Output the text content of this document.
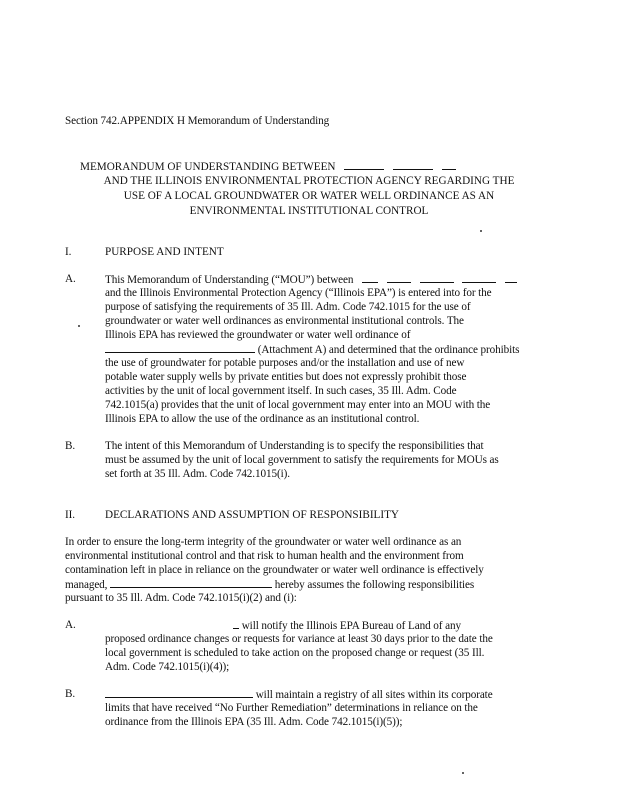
Section 742.APPENDIX H Memorandum of Understanding
MEMORANDUM OF UNDERSTANDING BETWEEN
AND THE ILLINOIS ENVIRONMENTAL PROTECTION AGENCY REGARDING THE
USE OF A LOCAL GROUNDWATER OR WATER WELL ORDINANCE AS AN
ENVIRONMENTAL INSTITUTIONAL CONTROL
I.	PURPOSE AND INTENT
A.	This Memorandum of Understanding (“MOU”) between
and the Illinois Environmental Protection Agency (“Illinois EPA”) is entered into for the
purpose of satisfying the requirements of 35 Ill. Adm. Code 742.1015 for the use of
groundwater or water well ordinances as environmental institutional controls. The
Illinois EPA has reviewed the groundwater or water well ordinance of
(Attachment A) and determined that the ordinance prohibits
the use of groundwater for potable purposes and/or the installation and use of new
potable water supply wells by private entities but does not expressly prohibit those
activities by the unit of local government itself. In such cases, 35 Ill. Adm. Code
742.1015(a) provides that the unit of local government may enter into an MOU with the
Illinois EPA to allow the use of the ordinance as an institutional control.
B.	The intent of this Memorandum of Understanding is to specify the responsibilities that
must be assumed by the unit of local government to satisfy the requirements for MOUs as
set forth at 35 Ill. Adm. Code 742.1015(i).
II.	DECLARATIONS AND ASSUMPTION OF RESPONSIBILITY
In order to ensure the long-term integrity of the groundwater or water well ordinance as an
environmental institutional control and that risk to human health and the environment from
contamination left in place in reliance on the groundwater or water well ordinance is effectively
managed,	hereby assumes the following responsibilities
pursuant to 35 Ill. Adm. Code 742.1015(i)(2) and (i):
A.	will notify the Illinois EPA Bureau of Land of any
proposed ordinance changes or requests for variance at least 30 days prior to the date the
local government is scheduled to take action on the proposed change or request (35 Ill.
Adm. Code 742.1015(i)(4));
B.	will maintain a registry of all sites within its corporate
limits that have received “No Further Remediation” determinations in reliance on the
ordinance from the Illinois EPA (35 Ill. Adm. Code 742.1015(i)(5));
